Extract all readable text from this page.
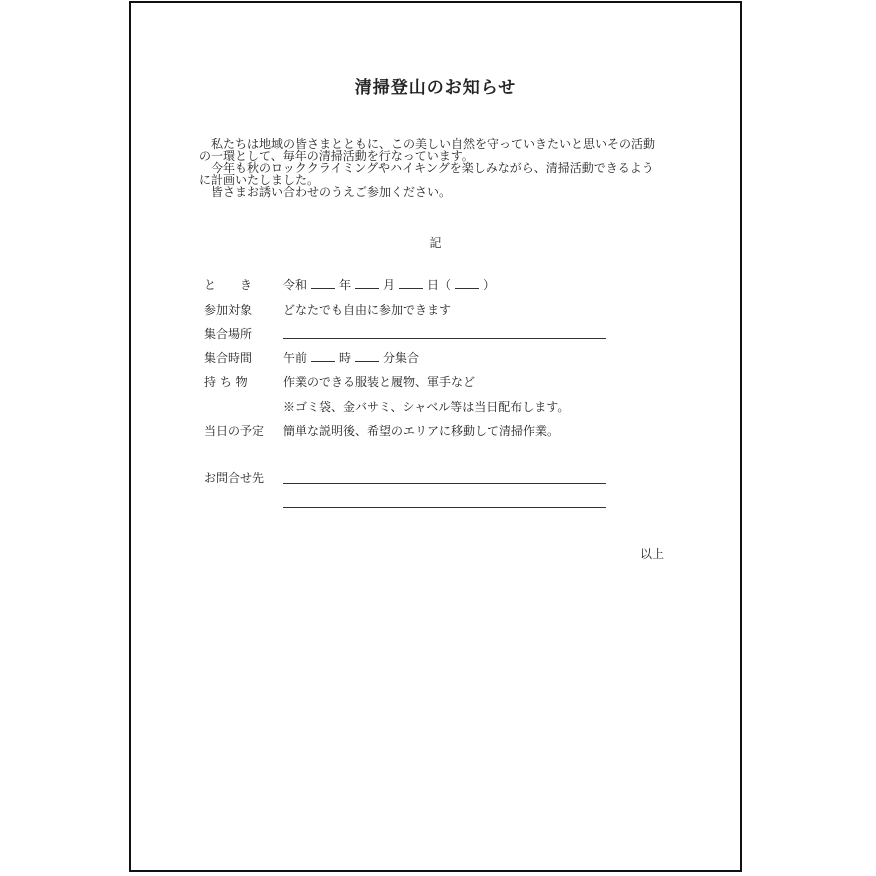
清掃登山のお知らせ
　私たちは地域の皆さまとともに、この美しい自然を守っていきたいと思いその活動
の一環として、毎年の清掃活動を行なっています。
　今年も秋のロッククライミングやハイキングを楽しみながら、清掃活動できるよう
に計画いたしました。
　皆さまお誘い合わせのうえご参加ください。
記
と　　き	令和	年	月	日（	）
参加対象	どなたでも自由に参加できます
集合場所
集合時間	午前	時	分集合
持 ち 物	作業のできる服装と履物、軍手など
※ゴミ袋、金バサミ、シャベル等は当日配布します。
当日の予定	簡単な説明後、希望のエリアに移動して清掃作業。
お問合せ先
以上
